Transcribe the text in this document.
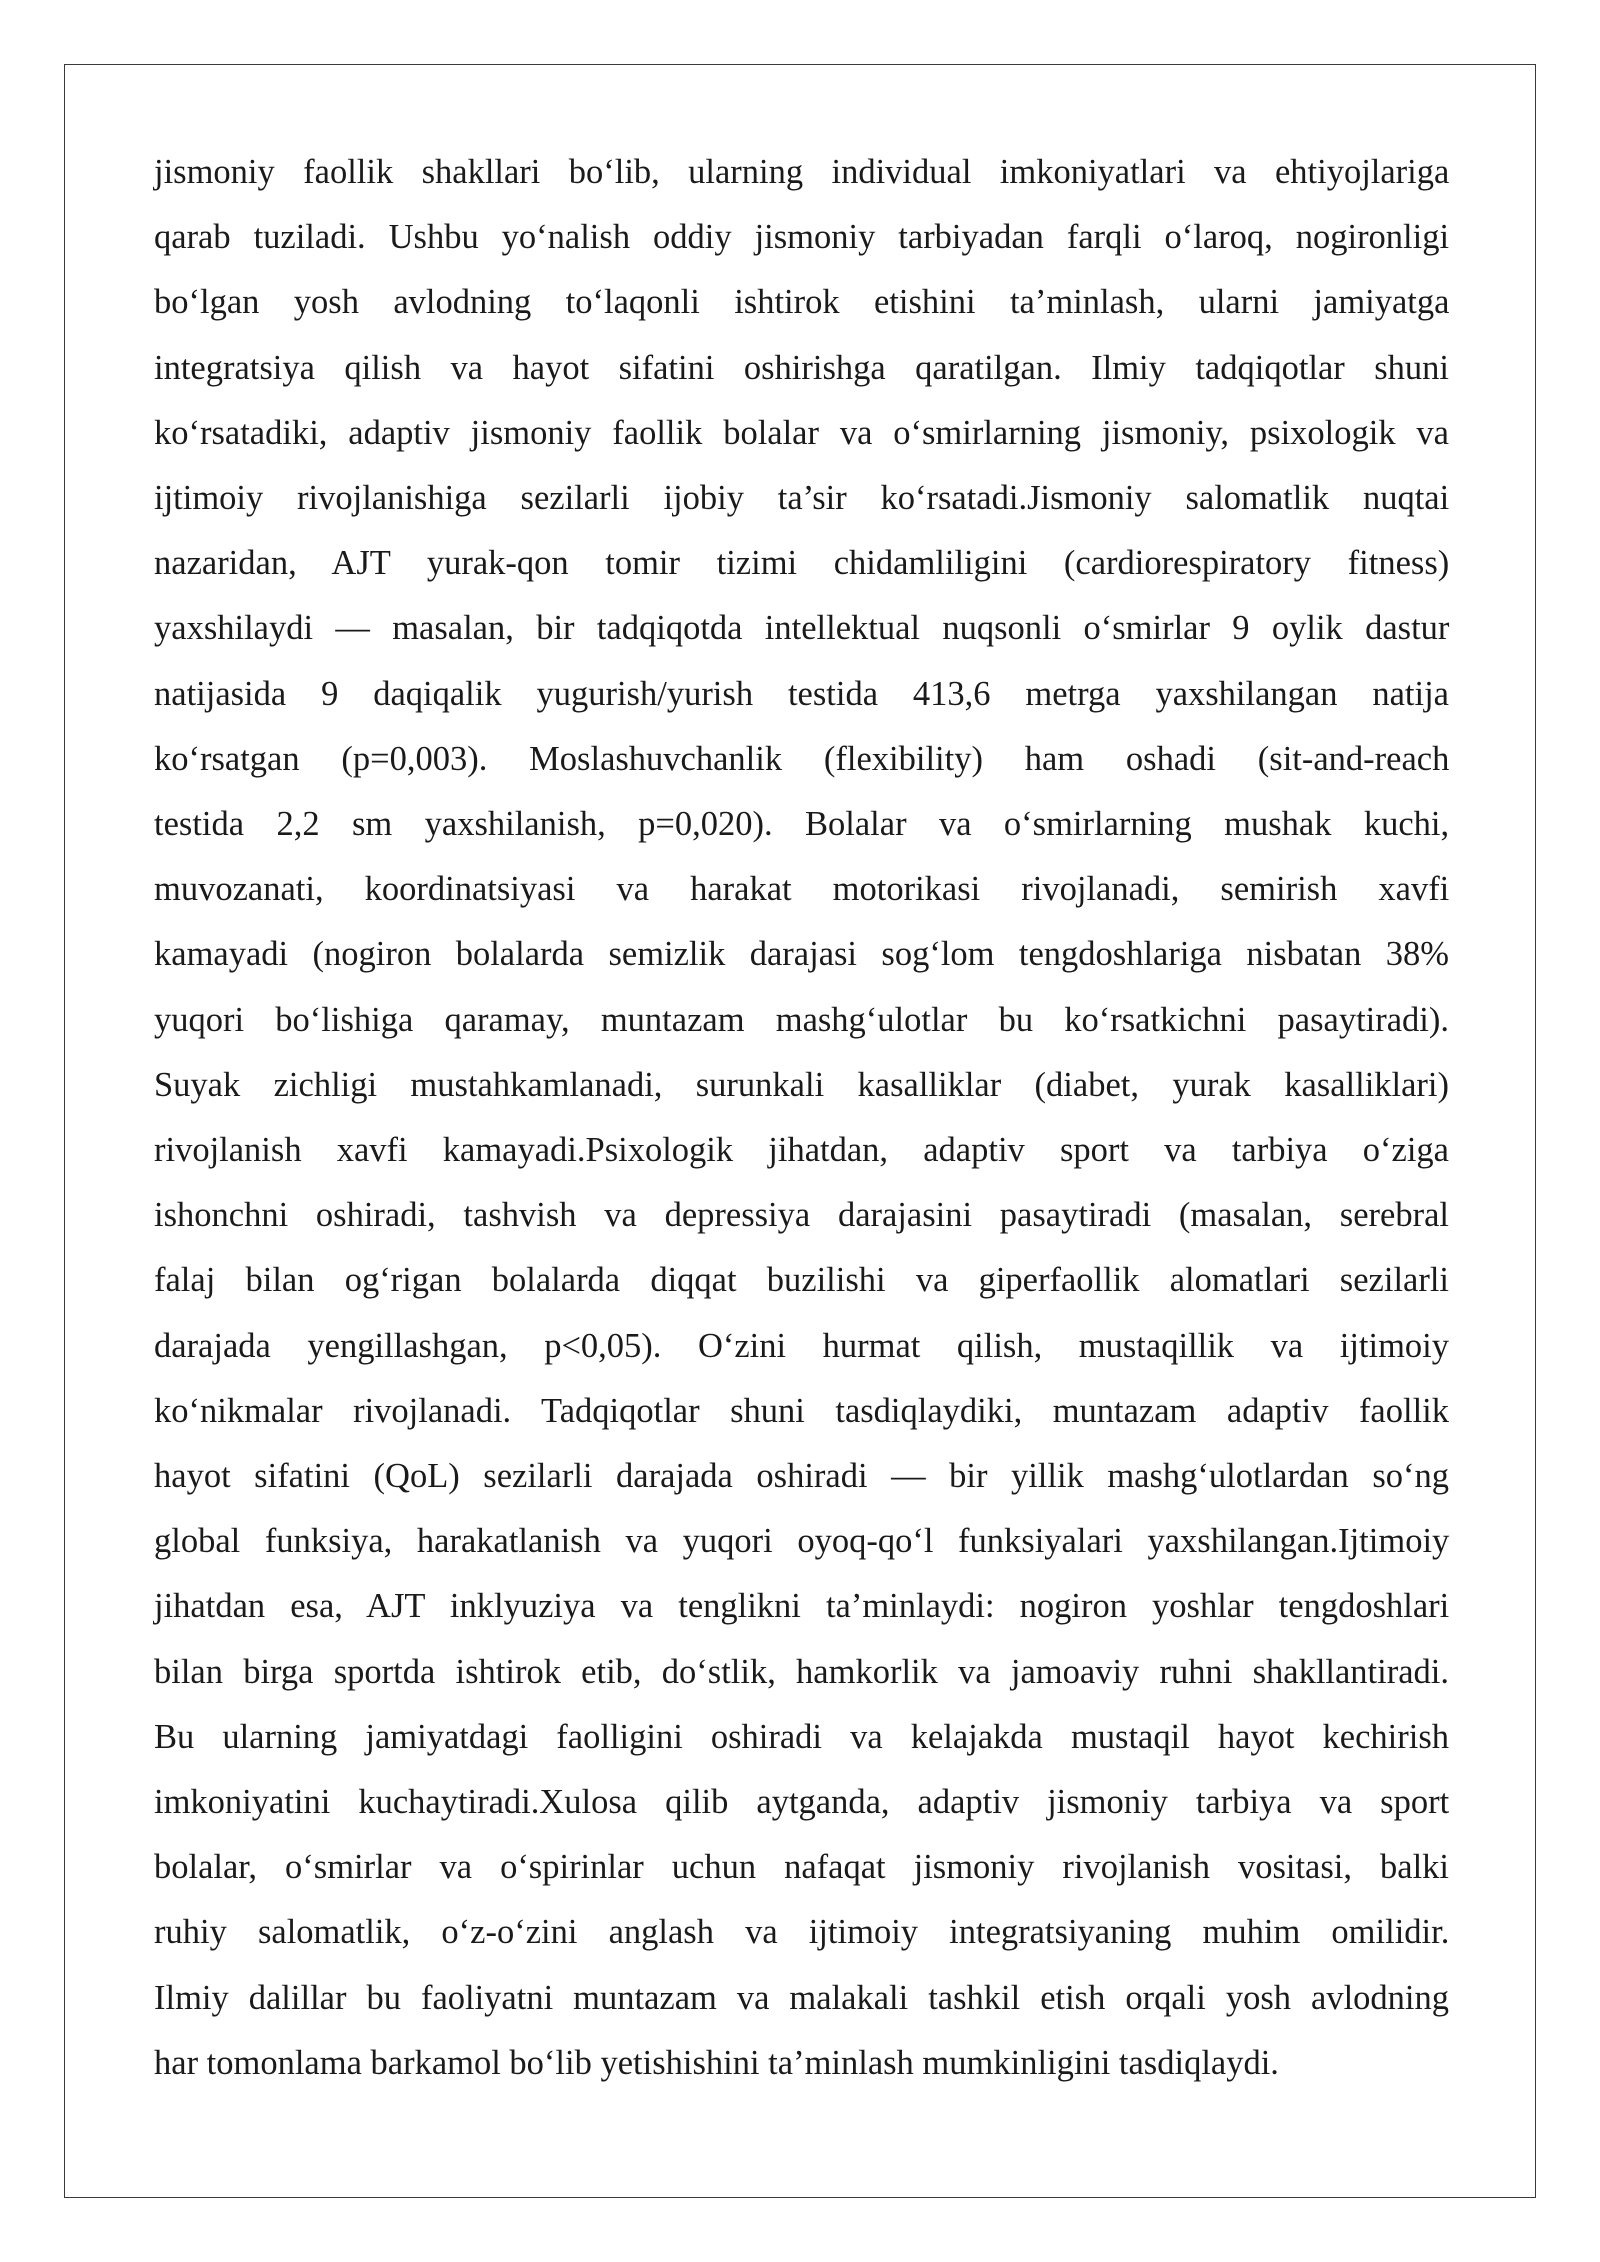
jismoniy faollik shakllari bo‘lib, ularning individual imkoniyatlari va ehtiyojlariga
qarab tuziladi. Ushbu yo‘nalish oddiy jismoniy tarbiyadan farqli o‘laroq, nogironligi
bo‘lgan yosh avlodning to‘laqonli ishtirok etishini ta’minlash, ularni jamiyatga
integratsiya qilish va hayot sifatini oshirishga qaratilgan. Ilmiy tadqiqotlar shuni
ko‘rsatadiki, adaptiv jismoniy faollik bolalar va o‘smirlarning jismoniy, psixologik va
ijtimoiy rivojlanishiga sezilarli ijobiy ta’sir ko‘rsatadi.Jismoniy salomatlik nuqtai
nazaridan, AJT yurak-qon tomir tizimi chidamliligini (cardiorespiratory fitness)
yaxshilaydi — masalan, bir tadqiqotda intellektual nuqsonli o‘smirlar 9 oylik dastur
natijasida 9 daqiqalik yugurish/yurish testida 413,6 metrga yaxshilangan natija
ko‘rsatgan (p=0,003). Moslashuvchanlik (flexibility) ham oshadi (sit-and-reach
testida 2,2 sm yaxshilanish, p=0,020). Bolalar va o‘smirlarning mushak kuchi,
muvozanati, koordinatsiyasi va harakat motorikasi rivojlanadi, semirish xavfi
kamayadi (nogiron bolalarda semizlik darajasi sog‘lom tengdoshlariga nisbatan 38%
yuqori bo‘lishiga qaramay, muntazam mashg‘ulotlar bu ko‘rsatkichni pasaytiradi).
Suyak zichligi mustahkamlanadi, surunkali kasalliklar (diabet, yurak kasalliklari)
rivojlanish xavfi kamayadi.Psixologik jihatdan, adaptiv sport va tarbiya o‘ziga
ishonchni oshiradi, tashvish va depressiya darajasini pasaytiradi (masalan, serebral
falaj bilan og‘rigan bolalarda diqqat buzilishi va giperfaollik alomatlari sezilarli
darajada yengillashgan, p<0,05). O‘zini hurmat qilish, mustaqillik va ijtimoiy
ko‘nikmalar rivojlanadi. Tadqiqotlar shuni tasdiqlaydiki, muntazam adaptiv faollik
hayot sifatini (QoL) sezilarli darajada oshiradi — bir yillik mashg‘ulotlardan so‘ng
global funksiya, harakatlanish va yuqori oyoq-qo‘l funksiyalari yaxshilangan.Ijtimoiy
jihatdan esa, AJT inklyuziya va tenglikni ta’minlaydi: nogiron yoshlar tengdoshlari
bilan birga sportda ishtirok etib, do‘stlik, hamkorlik va jamoaviy ruhni shakllantiradi.
Bu ularning jamiyatdagi faolligini oshiradi va kelajakda mustaqil hayot kechirish
imkoniyatini kuchaytiradi.Xulosa qilib aytganda, adaptiv jismoniy tarbiya va sport
bolalar, o‘smirlar va o‘spirinlar uchun nafaqat jismoniy rivojlanish vositasi, balki
ruhiy salomatlik, o‘z-o‘zini anglash va ijtimoiy integratsiyaning muhim omilidir.
Ilmiy dalillar bu faoliyatni muntazam va malakali tashkil etish orqali yosh avlodning
har tomonlama barkamol bo‘lib yetishishini ta’minlash mumkinligini tasdiqlaydi.
